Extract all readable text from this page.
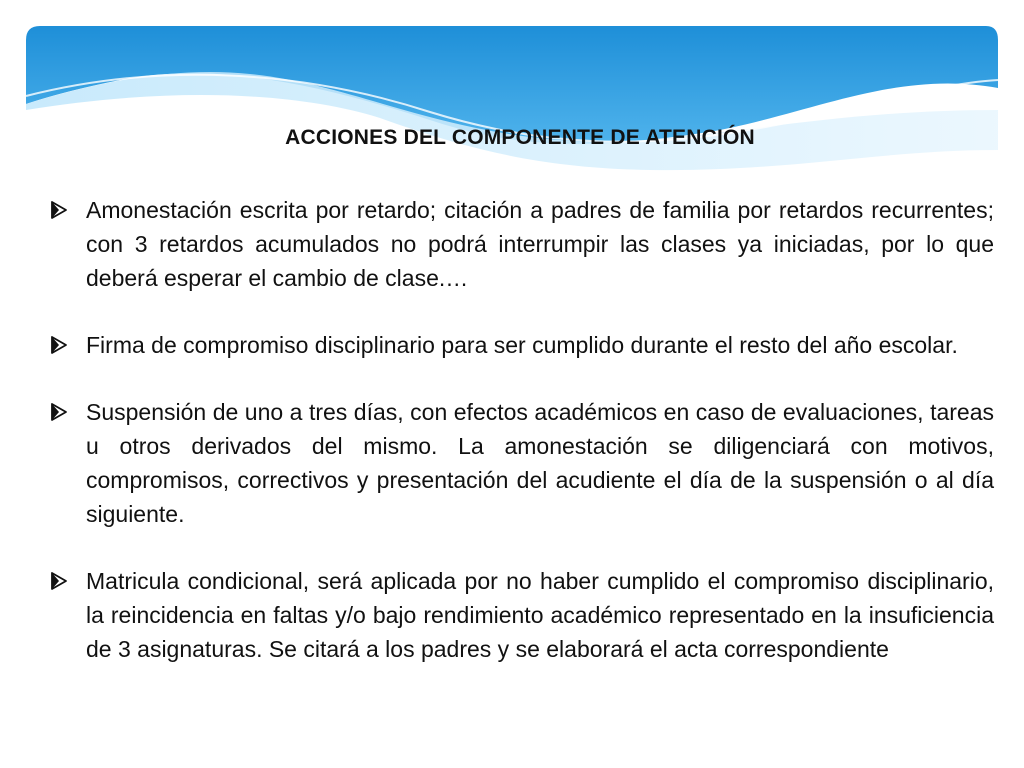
ACCIONES DEL COMPONENTE DE ATENCIÓN
Amonestación escrita por retardo; citación a padres de familia por retardos recurrentes; con 3 retardos acumulados no podrá interrumpir las clases ya iniciadas, por lo que deberá esperar el cambio de clase.…
Firma de compromiso disciplinario para ser cumplido durante el resto del año escolar.
Suspensión de uno a tres días, con efectos académicos en caso de evaluaciones, tareas u otros derivados del mismo. La amonestación se diligenciará con motivos, compromisos, correctivos y presentación del acudiente el día de la suspensión o al día siguiente.
Matricula condicional, será aplicada por no haber cumplido el compromiso disciplinario, la reincidencia en faltas y/o bajo rendimiento académico representado en la insuficiencia de 3 asignaturas. Se citará a los padres y se elaborará el acta correspondiente
